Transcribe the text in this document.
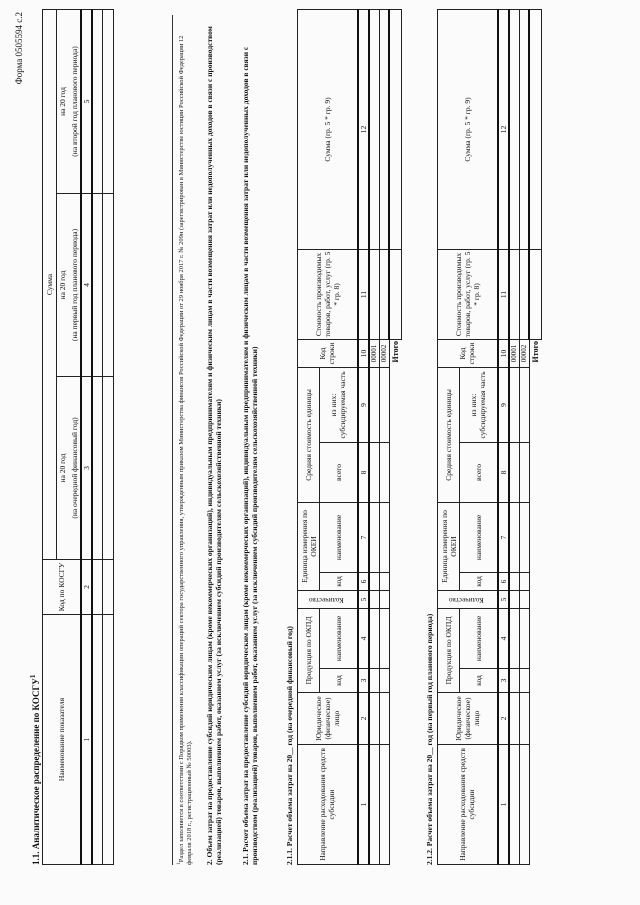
Форма 0505594 с.2
1.1. Аналитическое распределение по КОСГУ$^1$
Наименование показателя	Код по КОСГУ	Сумма		
		на 20 год	на 20 год	на 20 год
		(на очередной финансовый год)	(на первый год планового периода)	(на второй год планового периода)
1	2	3	4	5

$^1$Раздел заполняется в соответствии с Порядком применения классификации операций сектора государственного управления, утвержденным приказом Министерства финансов Российской Федерации от 29 ноября 2017 г. № 209н (зарегистрирован в Министерстве юстиции Российской Федерации 12 февраля 2018 г., регистрационный № 50003). 2. Объем затрат на предоставление субсидий юридическим лицам (кроме некоммерческих организаций), индивидуальным предпринимателям и физическим лицам в части возмещения затрат или недополученных доходов в связи с производством (реализацией) товаров, выполнением работ, оказанием услуг (за исключением субсидий производителям сельскохозяйственной техники) 2.1. Расчет объема затрат на предоставление субсидий юридическим лицам (кроме некоммерческих организаций), индивидуальным предпринимателям и физическим лицам в части возмещения затрат или недополученных доходов в связи с производством (реализацией) товаров, выполнением работ, оказанием услуг (за исключением субсидий производителям сельскохозяйственной техники)	2.1.1. Расчет объема затрат на 20__ год (на очередной финансовый год)	Направление расходования средств субсидии	Юридическое (физическое) лицо	Продукция по ОКПД		Количество	Единица измерения по ОКЕИ		Средняя стоимость единицы		Код строки	Стоимость производимых товаров, работ, услуг (гр. 5 * гр. 8)	Сумма (гр. 5 * гр. 9)
		код	наименование		код	наименование	всего	из них: субсидируемая часть			
1	2	3	4	5	6	7	8	9	10	11	12
									00001		
									00002		
Итого											
2.1.2. Расчет объема затрат на 20__ год (на первый год планового периода)	Направление расходования средств субсидии	Юридическое (физическое) лицо	Продукция по ОКПД		Количество	Единица измерения по ОКЕИ		Средняя стоимость единицы		Код строки	Стоимость производимых товаров, работ, услуг (гр. 5 * гр. 8)	Сумма (гр. 5 * гр. 9)
		код	наименование		код	наименование	всего	из них: субсидируемая часть			
1	2	3	4	5	6	7	8	9	10	11	12
									00001		
									00002		
Итого											
